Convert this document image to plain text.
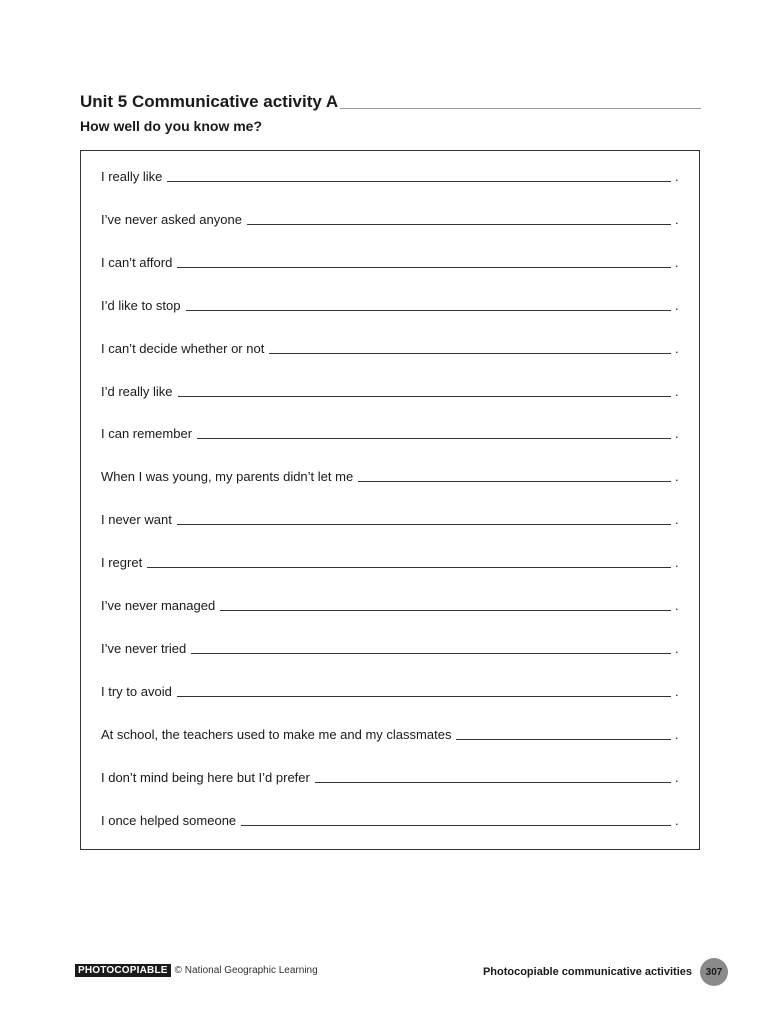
Unit 5 Communicative activity A
How well do you know me?
I really like	.
I’ve never asked anyone	.
I can’t afford	.
I’d like to stop	.
I can’t decide whether or not	.
I’d really like	.
I can remember	.
When I was young, my parents didn’t let me	.
I never want	.
I regret	.
I’ve never managed	.
I’ve never tried	.
I try to avoid	.
At school, the teachers used to make me and my classmates	.
I don’t mind being here but I’d prefer	.
I once helped someone	.
PHOTOCOPIABLE © National Geographic Learning	Photocopiable communicative activities	307
